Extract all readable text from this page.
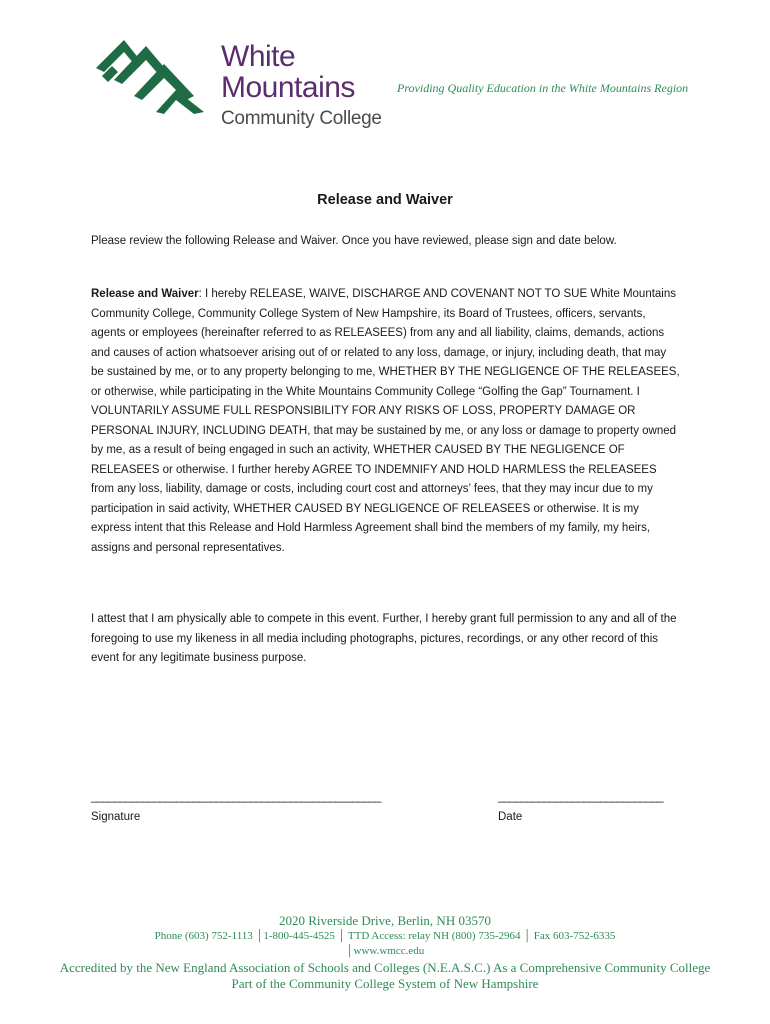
White
Mountains
Community College
Providing Quality Education in the White Mountains Region
Release and Waiver
Please review the following Release and Waiver. Once you have reviewed, please sign and date below.

Release and Waiver: I hereby RELEASE, WAIVE, DISCHARGE AND COVENANT NOT TO SUE White Mountains Community College, Community College System of New Hampshire, its Board of Trustees, officers, servants, agents or employees (hereinafter referred to as RELEASEES) from any and all liability, claims, demands, actions and causes of action whatsoever arising out of or related to any loss, damage, or injury, including death, that may be sustained by me, or to any property belonging to me, WHETHER BY THE NEGLIGENCE OF THE RELEASEES, or otherwise, while participating in the White Mountains Community College “Golfing the Gap” Tournament. I VOLUNTARILY ASSUME FULL RESPONSIBILITY FOR ANY RISKS OF LOSS, PROPERTY DAMAGE OR PERSONAL INJURY, INCLUDING DEATH, that may be sustained by me, or any loss or damage to property owned by me, as a result of being engaged in such an activity, WHETHER CAUSED BY THE NEGLIGENCE OF RELEASEES or otherwise. I further hereby AGREE TO INDEMNIFY AND HOLD HARMLESS the RELEASEES from any loss, liability, damage or costs, including court cost and attorneys’ fees, that they may incur due to my participation in said activity, WHETHER CAUSED BY NEGLIGENCE OF RELEASEES or otherwise. It is my express intent that this Release and Hold Harmless Agreement shall bind the members of my family, my heirs, assigns and personal representatives.

I attest that I am physically able to compete in this event. Further, I hereby grant full permission to any and all of the foregoing to use my likeness in all media including photographs, pictures, recordings, or any other record of this event for any legitimate business purpose.

___________________________________________________	_____________________________
Signature	Date
2020 Riverside Drive, Berlin, NH 03570
Phone (603) 752-1113 │1-800-445-4525 │ TTD Access: relay NH (800) 735-2964 │ Fax 603-752-6335
│www.wmcc.edu
Accredited by the New England Association of Schools and Colleges (N.E.A.S.C.) As a Comprehensive Community College
Part of the Community College System of New Hampshire
